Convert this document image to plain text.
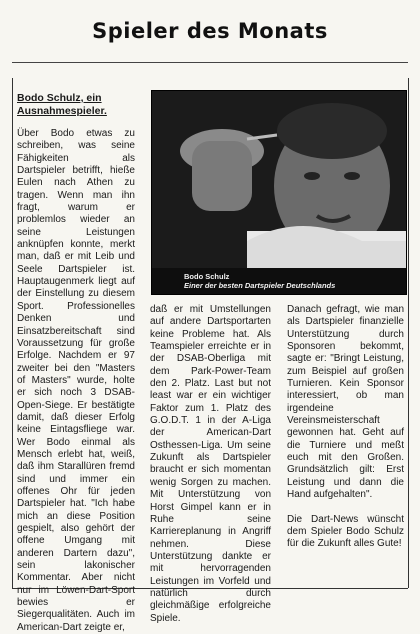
Spieler des Monats
Bodo Schulz, ein Ausnahmespieler.
Bodo Schulz
Einer der besten Dartspieler Deutschlands

Über Bodo etwas zu schreiben, was seine Fähigkeiten als Dartspieler betrifft, hieße Eulen nach Athen zu tragen. Wenn man ihn fragt, warum er problemlos wieder an seine Leistungen anknüpfen konnte, merkt man, daß er mit Leib und Seele Dartspieler ist. Hauptaugenmerk liegt auf der Einstellung zu diesem Sport. Professionelles Denken und Einsatzbereitschaft sind Voraussetzung für große Erfolge. Nachdem er 97 zweiter bei den "Masters of Masters" wurde, holte er sich noch 3 DSAB-Open-Siege. Er bestätigte damit, daß dieser Erfolg keine Eintagsfliege war. Wer Bodo einmal als Mensch erlebt hat, weiß, daß ihm Starallüren fremd sind und immer ein offenes Ohr für jeden Dartspieler hat. "Ich habe mich an diese Position gespielt, also gehört der offene Umgang mit anderen Dartern dazu", sein lakonischer Kommentar. Aber nicht nur im Löwen-Dart-Sport bewies er Siegerqualitäten. Auch im American-Dart zeigte er,

daß er mit Umstellungen auf andere Dartsportarten keine Probleme hat. Als Teamspieler erreichte er in der DSAB-Oberliga mit dem Park-Power-Team den 2. Platz. Last but not least war er ein wichtiger Faktor zum 1. Platz des G.O.D.T. 1 in der A-Liga der American-Dart Osthessen-Liga. Um seine Zukunft als Dartspieler braucht er sich momentan wenig Sorgen zu machen. Mit Unterstützung von Horst Gimpel kann er in Ruhe seine Karriereplanung in Angriff nehmen. Diese Unterstützung dankte er mit hervorragenden Leistungen im Vorfeld und natürlich durch gleichmäßige erfolgreiche Spiele.

Danach gefragt, wie man als Dartspieler finanzielle Unterstützung durch Sponsoren bekommt, sagte er: "Bringt Leistung, zum Beispiel auf großen Turnieren. Kein Sponsor interessiert, ob man irgendeine Vereinsmeisterschaft gewonnen hat. Geht auf die Turniere und meßt euch mit den Großen. Grundsätzlich gilt: Erst Leistung und dann die Hand aufgehalten".

Die Dart-News wünscht dem Spieler Bodo Schulz für die Zukunft alles Gute!
